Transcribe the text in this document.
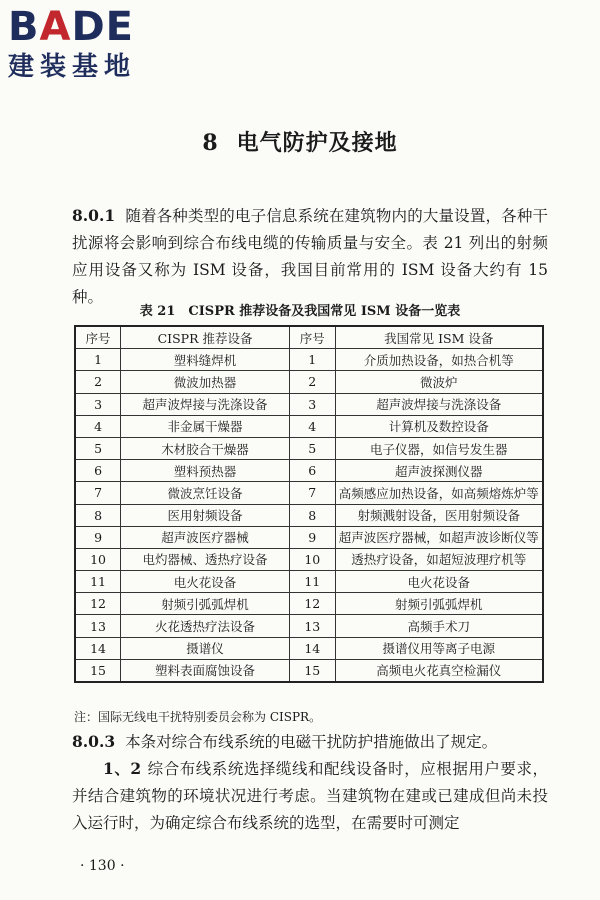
BADE
建装基地
8 电气防护及接地
8.0.1 随着各种类型的电子信息系统在建筑物内的大量设置，各种干扰源将会影响到综合布线电缆的传输质量与安全。表 21 列出的射频应用设备又称为 ISM 设备，我国目前常用的 ISM 设备大约有 15 种。
表 21　CISPR 推荐设备及我国常见 ISM 设备一览表
序号	CISPR 推荐设备	序号	我国常见 ISM 设备
1	塑料缝焊机	1	介质加热设备，如热合机等
2	微波加热器	2	微波炉
3	超声波焊接与洗涤设备	3	超声波焊接与洗涤设备
4	非金属干燥器	4	计算机及数控设备
5	木材胶合干燥器	5	电子仪器，如信号发生器
6	塑料预热器	6	超声波探测仪器
7	微波烹饪设备	7	高频感应加热设备，如高频熔炼炉等
8	医用射频设备	8	射频溅射设备，医用射频设备
9	超声波医疗器械	9	超声波医疗器械，如超声波诊断仪等
10	电灼器械、透热疗设备	10	透热疗设备，如超短波理疗机等
11	电火花设备	11	电火花设备
12	射频引弧弧焊机	12	射频引弧弧焊机
13	火花透热疗法设备	13	高频手术刀
14	摄谱仪	14	摄谱仪用等离子电源
15	塑料表面腐蚀设备	15	高频电火花真空检漏仪
注：国际无线电干扰特别委员会称为 CISPR。
8.0.3 本条对综合布线系统的电磁干扰防护措施做出了规定。
1、2 综合布线系统选择缆线和配线设备时，应根据用户要求，并结合建筑物的环境状况进行考虑。当建筑物在建或已建成但尚未投入运行时，为确定综合布线系统的选型，在需要时可测定
· 130 ·
